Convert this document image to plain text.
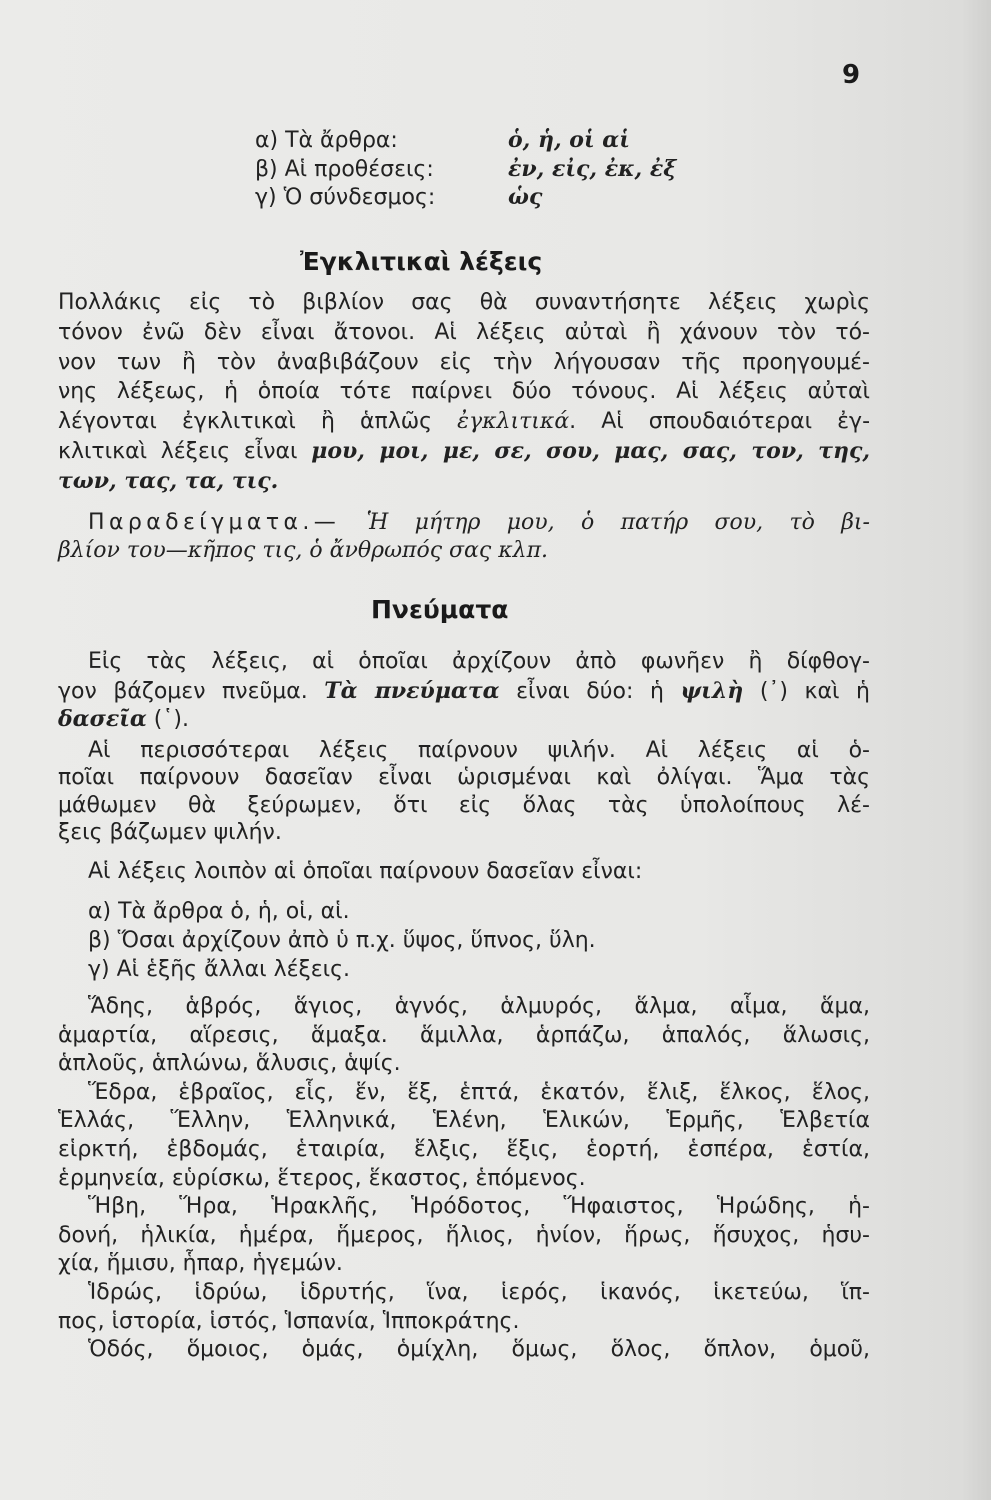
9
α) Τὰ ἄρθρα:	ὁ, ἡ, οἱ αἱ
β) Αἱ προθέσεις:	ἐν, εἰς, ἐκ, ἐξ
γ) Ὁ σύνδεσμος:	ὡς
Ἐγκλιτικαὶ λέξεις
Πολλάκις εἰς τὸ βιβλίον σας θὰ συναντήσητε λέξεις χωρὶς
τόνον ἐνῶ δὲν εἶναι ἄτονοι. Αἱ λέξεις αὐταὶ ἢ χάνουν τὸν τό-
νον των ἢ τὸν ἀναβιβάζουν εἰς τὴν λήγουσαν τῆς προηγουμέ-
νης λέξεως, ἡ ὁποία τότε παίρνει δύο τόνους. Αἱ λέξεις αὐταὶ
λέγονται ἐγκλιτικαὶ ἢ ἁπλῶς ἐγκλιτικά. Αἱ σπουδαιότεραι ἐγ-
κλιτικαὶ λέξεις εἶναι μου, μοι, με, σε, σου, μας, σας, τον, της,
των, τας, τα, τις.
Παραδείγματα.— Ἡ μήτηρ μου, ὁ πατήρ σου, τὸ βι-
βλίον του—κῆπος τις, ὁ ἄνθρωπός σας κλπ.
Πνεύματα
Εἰς τὰς λέξεις, αἱ ὁποῖαι ἀρχίζουν ἀπὸ φωνῆεν ἢ δίφθογ-
γον βάζομεν πνεῦμα. Τὰ πνεύματα εἶναι δύο: ἡ ψιλὴ (᾿) καὶ ἡ
δασεῖα (῾).
Αἱ περισσότεραι λέξεις παίρνουν ψιλήν. Αἱ λέξεις αἱ ὁ-
ποῖαι παίρνουν δασεῖαν εἶναι ὡρισμέναι καὶ ὀλίγαι. Ἅμα τὰς
μάθωμεν θὰ ξεύρωμεν, ὅτι εἰς ὅλας τὰς ὑπολοίπους λέ-
ξεις βάζωμεν ψιλήν.
Αἱ λέξεις λοιπὸν αἱ ὁποῖαι παίρνουν δασεῖαν εἶναι:
α) Τὰ ἄρθρα ὁ, ἡ, οἱ, αἱ.
β) Ὅσαι ἀρχίζουν ἀπὸ ὑ π.χ. ὕψος, ὕπνος, ὕλη.
γ) Αἱ ἑξῆς ἄλλαι λέξεις.
Ἅδης, ἁβρός, ἅγιος, ἁγνός, ἁλμυρός, ἅλμα, αἷμα, ἅμα,
ἁμαρτία, αἵρεσις, ἅμαξα. ἅμιλλα, ἁρπάζω, ἁπαλός, ἅλωσις,
ἁπλοῦς, ἁπλώνω, ἅλυσις, ἁψίς.
Ἕδρα, ἑβραῖος, εἷς, ἕν, ἕξ, ἑπτά, ἑκατόν, ἕλιξ, ἕλκος, ἕλος,
Ἑλλάς, Ἕλλην, Ἑλληνικά, Ἑλένη, Ἑλικών, Ἑρμῆς, Ἑλβετία
εἱρκτή, ἑβδομάς, ἑταιρία, ἕλξις, ἕξις, ἑορτή, ἑσπέρα, ἑστία,
ἑρμηνεία, εὑρίσκω, ἕτερος, ἕκαστος, ἑπόμενος.
Ἥβη, Ἥρα, Ἡρακλῆς, Ἡρόδοτος, Ἥφαιστος, Ἡρώδης, ἡ-
δονή, ἡλικία, ἡμέρα, ἥμερος, ἥλιος, ἡνίον, ἥρως, ἥσυχος, ἡσυ-
χία, ἥμισυ, ἧπαρ, ἡγεμών.
Ἱδρώς, ἱδρύω, ἱδρυτής, ἵνα, ἱερός, ἱκανός, ἱκετεύω, ἵπ-
πος, ἱστορία, ἱστός, Ἱσπανία, Ἱπποκράτης.
Ὁδός, ὅμοιος, ὁμάς, ὁμίχλη, ὅμως, ὅλος, ὅπλον, ὁμοῦ,
